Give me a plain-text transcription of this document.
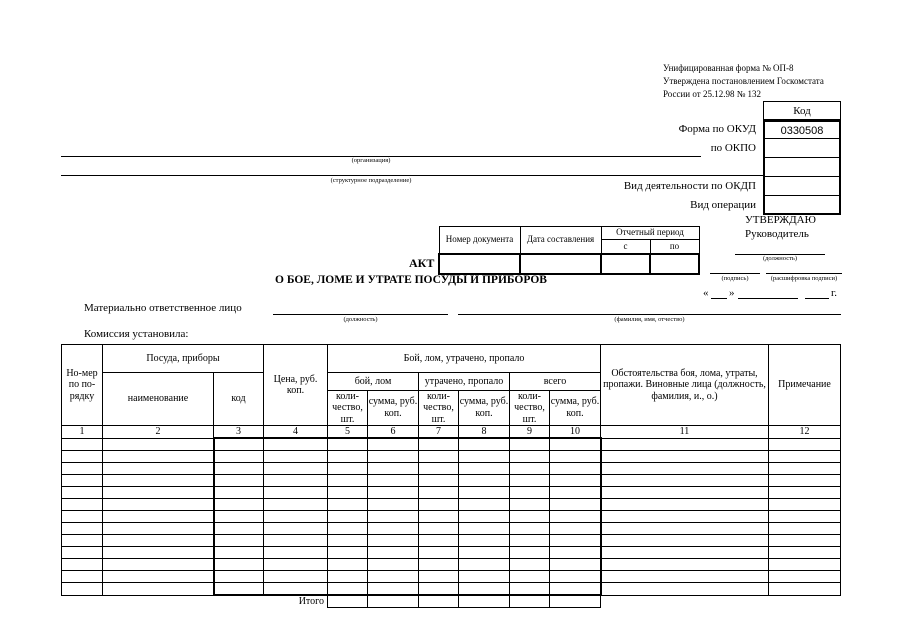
Унифицированная форма № ОП-8
Утверждена постановлением Госкомстата
России от 25.12.98 № 132
Код
0330508
Форма по ОКУД
по ОКПО
Вид деятельности по ОКДП
Вид операции
(организация)
(структурное подразделение)
УТВЕРЖДАЮ
Руководитель
(должность)
(подпись)	(расшифровка подписи)
« »	г.
Номер документа	Дата составления	Отчетный период	
		с	по

АКТ
О БОЕ, ЛОМЕ И УТРАТЕ ПОСУДЫ И ПРИБОРОВ
Материально ответственное лицо
(должность)	(фамилия, имя, отчество)
Комиссия установила:
Но-мер по по-рядку	Посуда, приборы		Цена, руб. коп.	Бой, лом, утрачено, пропало						Обстоятельства боя, лома, утраты, пропажи. Виновные лица (должность, фамилия, и., о.)	Примечание
	наименование	код		бой, лом		утрачено, пропало		всего			
				коли-чество, шт.	сумма, руб. коп.	коли-чество, шт.	сумма, руб. коп.	коли-чество, шт.	сумма, руб. коп.		
1	2	3	4	5	6	7	8	9	10	11	12

Итого											
